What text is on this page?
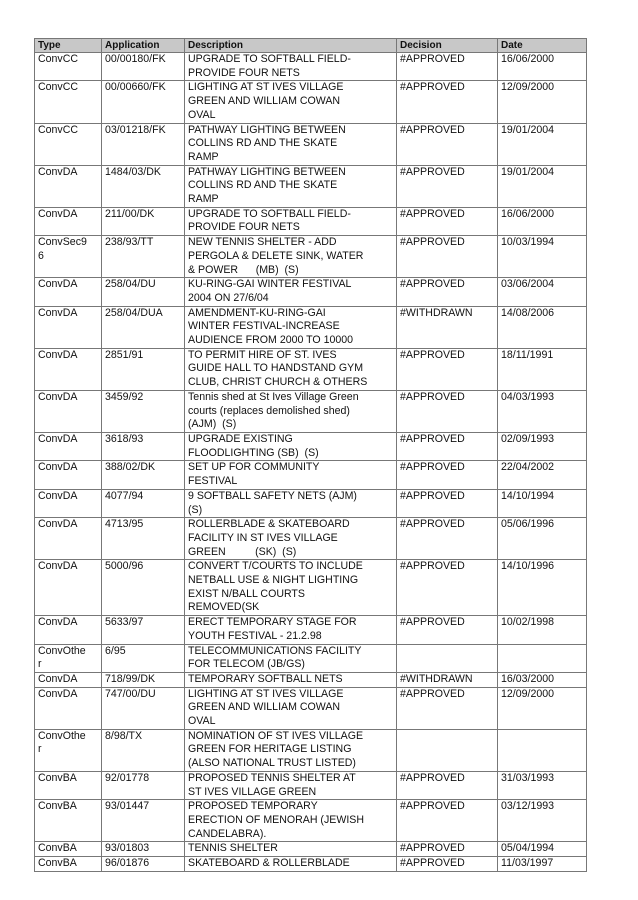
Type	Application	Description	Decision	Date
ConvCC	00/00180/FK	UPGRADE TO SOFTBALL FIELD-
PROVIDE FOUR NETS	#APPROVED	16/06/2000
ConvCC	00/00660/FK	LIGHTING AT ST IVES VILLAGE
GREEN AND WILLIAM COWAN
OVAL	#APPROVED	12/09/2000
ConvCC	03/01218/FK	PATHWAY LIGHTING BETWEEN
COLLINS RD AND THE SKATE
RAMP	#APPROVED	19/01/2004
ConvDA	1484/03/DK	PATHWAY LIGHTING BETWEEN
COLLINS RD AND THE SKATE
RAMP	#APPROVED	19/01/2004
ConvDA	211/00/DK	UPGRADE TO SOFTBALL FIELD-
PROVIDE FOUR NETS	#APPROVED	16/06/2000
ConvSec9
6	238/93/TT	NEW TENNIS SHELTER - ADD
PERGOLA & DELETE SINK, WATER
& POWER      (MB)  (S)	#APPROVED	10/03/1994
ConvDA	258/04/DU	KU-RING-GAI WINTER FESTIVAL
2004 ON 27/6/04	#APPROVED	03/06/2004
ConvDA	258/04/DUA	AMENDMENT-KU-RING-GAI
WINTER FESTIVAL-INCREASE
AUDIENCE FROM 2000 TO 10000	#WITHDRAWN	14/08/2006
ConvDA	2851/91	TO PERMIT HIRE OF ST. IVES
GUIDE HALL TO HANDSTAND GYM
CLUB, CHRIST CHURCH & OTHERS	#APPROVED	18/11/1991
ConvDA	3459/92	Tennis shed at St Ives Village Green
courts (replaces demolished shed)
(AJM)  (S)	#APPROVED	04/03/1993
ConvDA	3618/93	UPGRADE EXISTING
FLOODLIGHTING (SB)  (S)	#APPROVED	02/09/1993
ConvDA	388/02/DK	SET UP FOR COMMUNITY
FESTIVAL	#APPROVED	22/04/2002
ConvDA	4077/94	9 SOFTBALL SAFETY NETS (AJM)
(S)	#APPROVED	14/10/1994
ConvDA	4713/95	ROLLERBLADE & SKATEBOARD
FACILITY IN ST IVES VILLAGE
GREEN          (SK)  (S)	#APPROVED	05/06/1996
ConvDA	5000/96	CONVERT T/COURTS TO INCLUDE
NETBALL USE & NIGHT LIGHTING
EXIST N/BALL COURTS
REMOVED(SK	#APPROVED	14/10/1996
ConvDA	5633/97	ERECT TEMPORARY STAGE FOR
YOUTH FESTIVAL - 21.2.98	#APPROVED	10/02/1998
ConvOthe
r	6/95	TELECOMMUNICATIONS FACILITY
FOR TELECOM (JB/GS)		
ConvDA	718/99/DK	TEMPORARY SOFTBALL NETS	#WITHDRAWN	16/03/2000
ConvDA	747/00/DU	LIGHTING AT ST IVES VILLAGE
GREEN AND WILLIAM COWAN
OVAL	#APPROVED	12/09/2000
ConvOthe
r	8/98/TX	NOMINATION OF ST IVES VILLAGE
GREEN FOR HERITAGE LISTING
(ALSO NATIONAL TRUST LISTED)		
ConvBA	92/01778	PROPOSED TENNIS SHELTER AT
ST IVES VILLAGE GREEN	#APPROVED	31/03/1993
ConvBA	93/01447	PROPOSED TEMPORARY
ERECTION OF MENORAH (JEWISH
CANDELABRA).	#APPROVED	03/12/1993
ConvBA	93/01803	TENNIS SHELTER	#APPROVED	05/04/1994
ConvBA	96/01876	SKATEBOARD & ROLLERBLADE	#APPROVED	11/03/1997
